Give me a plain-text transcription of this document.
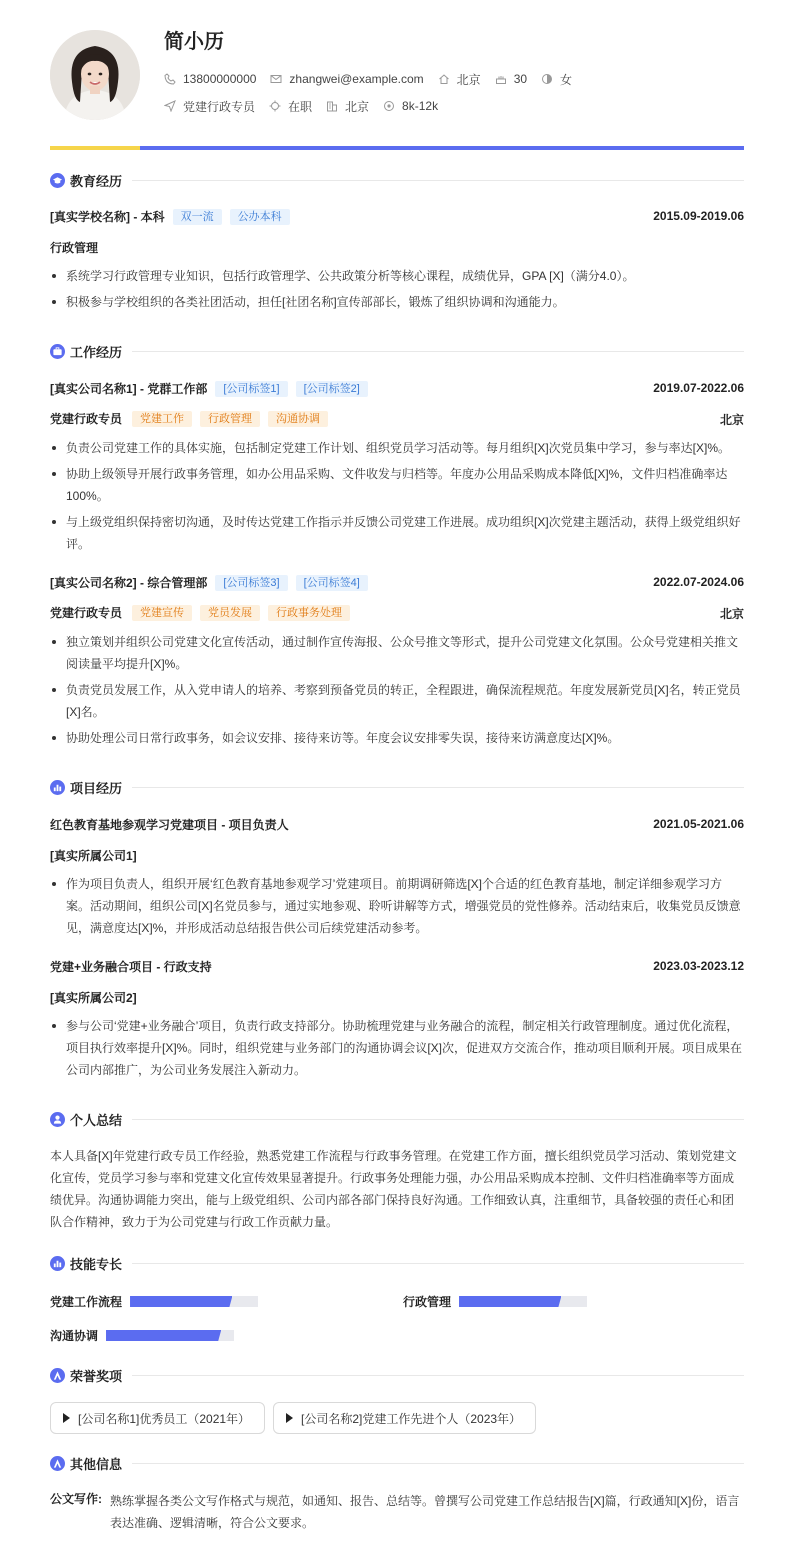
简小历
13800000000	zhangwei@example.com	北京	30	女
党建行政专员	在职	北京	8k-12k
教育经历
[真实学校名称] - 本科	双一流	公办本科	2015.09-2019.06
行政管理
系统学习行政管理专业知识，包括行政管理学、公共政策分析等核心课程，成绩优异，GPA [X]（满分4.0）。
积极参与学校组织的各类社团活动，担任[社团名称]宣传部部长，锻炼了组织协调和沟通能力。
工作经历
[真实公司名称1] - 党群工作部	[公司标签1]	[公司标签2]	2019.07-2022.06
党建行政专员	党建工作	行政管理	沟通协调	北京
负责公司党建工作的具体实施，包括制定党建工作计划、组织党员学习活动等。每月组织[X]次党员集中学习，参与率达[X]%。
协助上级领导开展行政事务管理，如办公用品采购、文件收发与归档等。年度办公用品采购成本降低[X]%，文件归档准确率达100%。
与上级党组织保持密切沟通，及时传达党建工作指示并反馈公司党建工作进展。成功组织[X]次党建主题活动，获得上级党组织好评。
[真实公司名称2] - 综合管理部	[公司标签3]	[公司标签4]	2022.07-2024.06
党建行政专员	党建宣传	党员发展	行政事务处理	北京
独立策划并组织公司党建文化宣传活动，通过制作宣传海报、公众号推文等形式，提升公司党建文化氛围。公众号党建相关推文阅读量平均提升[X]%。
负责党员发展工作，从入党申请人的培养、考察到预备党员的转正，全程跟进，确保流程规范。年度发展新党员[X]名，转正党员[X]名。
协助处理公司日常行政事务，如会议安排、接待来访等。年度会议安排零失误，接待来访满意度达[X]%。
项目经历
红色教育基地参观学习党建项目 - 项目负责人	2021.05-2021.06
[真实所属公司1]
作为项目负责人，组织开展‘红色教育基地参观学习’党建项目。前期调研筛选[X]个合适的红色教育基地，制定详细参观学习方案。活动期间，组织公司[X]名党员参与，通过实地参观、聆听讲解等方式，增强党员的党性修养。活动结束后，收集党员反馈意见，满意度达[X]%，并形成活动总结报告供公司后续党建活动参考。
党建+业务融合项目 - 行政支持	2023.03-2023.12
[真实所属公司2]
参与公司‘党建+业务融合’项目，负责行政支持部分。协助梳理党建与业务融合的流程，制定相关行政管理制度。通过优化流程，项目执行效率提升[X]%。同时，组织党建与业务部门的沟通协调会议[X]次，促进双方交流合作，推动项目顺利开展。项目成果在公司内部推广，为公司业务发展注入新动力。
个人总结
本人具备[X]年党建行政专员工作经验，熟悉党建工作流程与行政事务管理。在党建工作方面，擅长组织党员学习活动、策划党建文化宣传，党员学习参与率和党建文化宣传效果显著提升。行政事务处理能力强，办公用品采购成本控制、文件归档准确率等方面成绩优异。沟通协调能力突出，能与上级党组织、公司内部各部门保持良好沟通。工作细致认真，注重细节，具备较强的责任心和团队合作精神，致力于为公司党建与行政工作贡献力量。
技能专长
党建工作流程	行政管理
沟通协调
荣誉奖项
[公司名称1]优秀员工（2021年）	[公司名称2]党建工作先进个人（2023年）
其他信息
公文写作: 熟练掌握各类公文写作格式与规范，如通知、报告、总结等。曾撰写公司党建工作总结报告[X]篇，行政通知[X]份，语言表达准确、逻辑清晰，符合公文要求。
